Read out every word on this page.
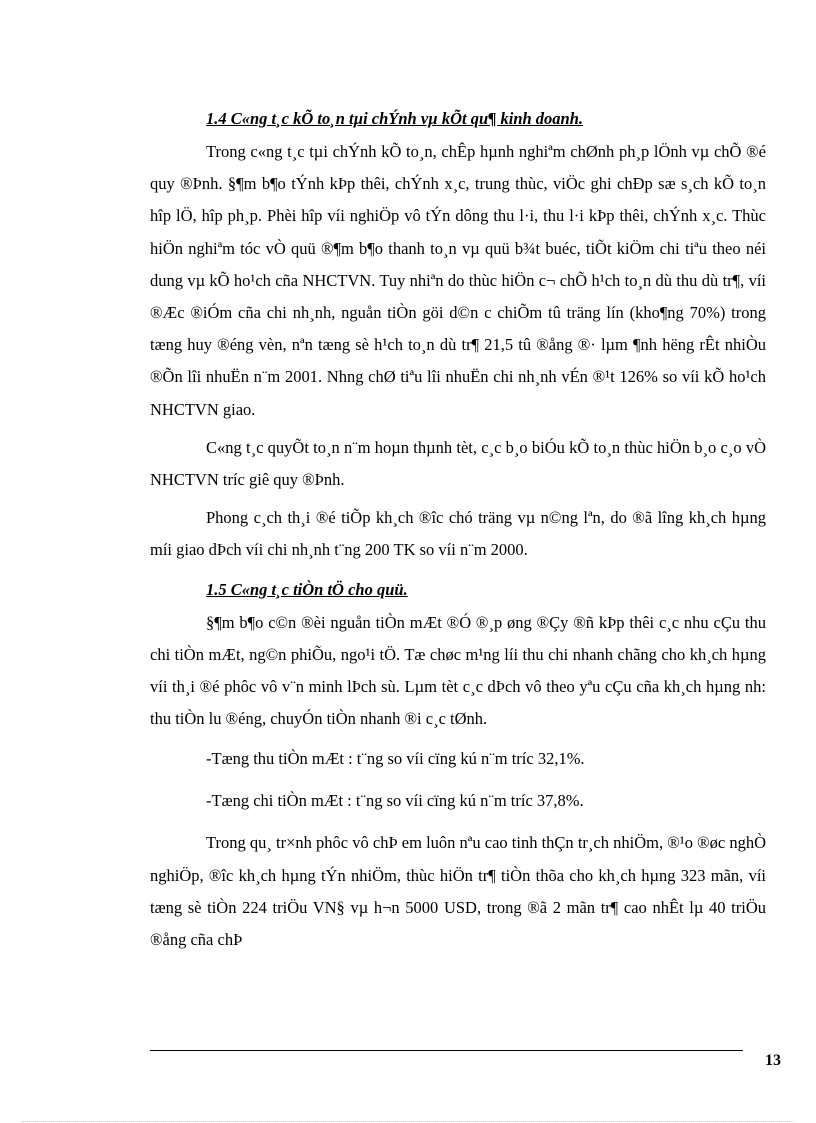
1.4 C«ng t¸c kÕ to¸n tµi chÝnh vµ kÕt qu¶ kinh doanh.

Trong c«ng t¸c tµi chÝnh kÕ to¸n, chÊp hµnh nghiªm chØnh ph¸p lÖnh vµ chÕ ®é quy ®Þnh. §¶m b¶o tÝnh kÞp thêi, chÝnh x¸c, trung thùc, viÖc ghi chÐp sæ s¸ch kÕ to¸n hîp lÖ, hîp ph¸p. Phèi hîp víi nghiÖp vô tÝn dông thu l·i, thu l·i kÞp thêi, chÝnh x¸c. Thùc hiÖn nghiªm tóc vÒ quü ®¶m b¶o thanh to¸n vµ quü b¾t buéc, tiÕt kiÖm chi tiªu theo néi dung vµ kÕ ho¹ch cña NHCTVN. Tuy nhiªn do thùc hiÖn c¬ chÕ h¹ch to¸n dù thu dù tr¶, víi ®Æc ®iÓm cña chi nh¸nh, nguån tiÒn göi d©n c chiÕm tû träng lín (kho¶ng 70%) trong tæng huy ®éng vèn, nªn tæng sè h¹ch to¸n dù tr¶ 21,5 tû ®ång ®· lµm ¶nh hëng rÊt nhiÒu ®Õn lîi nhuËn n¨m 2001. Nhng chØ tiªu lîi nhuËn chi nh¸nh vÉn ®¹t 126% so víi kÕ ho¹ch NHCTVN giao.

C«ng t¸c quyÕt to¸n n¨m hoµn thµnh tèt, c¸c b¸o biÓu kÕ to¸n thùc hiÖn b¸o c¸o vÒ NHCTVN tríc giê quy ®Þnh.

Phong c¸ch th¸i ®é tiÕp kh¸ch ®îc chó träng vµ n©ng lªn, do ®ã lîng kh¸ch hµng míi giao dÞch víi chi nh¸nh t¨ng 200 TK so víi n¨m 2000.

1.5 C«ng t¸c tiÒn tÖ cho quü.

§¶m b¶o c©n ®èi nguån tiÒn mÆt ®Ó ®¸p øng ®Çy ®ñ kÞp thêi c¸c nhu cÇu thu chi tiÒn mÆt, ng©n phiÕu, ngo¹i tÖ. Tæ chøc m¹ng líi thu chi nhanh chãng cho kh¸ch hµng víi th¸i ®é phôc vô v¨n minh lÞch sù. Lµm tèt c¸c dÞch vô theo yªu cÇu cña kh¸ch hµng nh: thu tiÒn lu ®éng, chuyÓn tiÒn nhanh ®i c¸c tØnh.

-Tæng thu tiÒn mÆt : t¨ng so víi cïng kú n¨m tríc 32,1%.
-Tæng chi tiÒn mÆt : t¨ng so víi cïng kú n¨m tríc 37,8%.

Trong qu¸ tr×nh phôc vô chÞ em luôn nªu cao tinh thÇn tr¸ch nhiÖm, ®¹o ®øc nghÒ nghiÖp, ®îc kh¸ch hµng tÝn nhiÖm, thùc hiÖn tr¶ tiÒn thõa cho kh¸ch hµng 323 mãn, víi tæng sè tiÒn 224 triÖu VN§ vµ h¬n 5000 USD, trong ®ã 2 mãn tr¶ cao nhÊt lµ 40 triÖu ®ång cña chÞ

13
